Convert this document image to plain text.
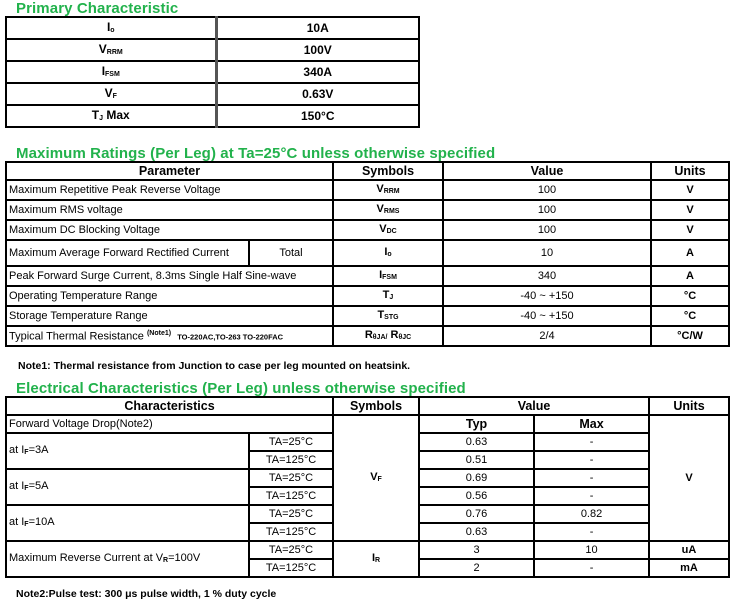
Primary Characteristic
$I_o$	10A
$V_{RRM}$	100V
$I_{FSM}$	340A
$V_F$	0.63V
$T_J$ Max	150°C
Maximum Ratings (Per Leg) at Ta=25°C unless otherwise specified
Parameter		Symbols	Value	Units
Maximum Repetitive Peak Reverse Voltage		$V_{RRM}$	100	V
Maximum RMS voltage		$V_{RMS}$	100	V
Maximum DC Blocking Voltage		$V_{DC}$	100	V
Maximum Average Forward Rectified Current	Total	$I_o$	10	A
Peak Forward Surge Current, 8.3ms Single Half Sine-wave		$I_{FSM}$	340	A
Operating Temperature Range		$T_J$	-40 ~ +150	°C
Storage Temperature Range		$T_{STG}$	-40 ~ +150	°C
Typical Thermal Resistance $^{(Note1)}$ TO-220AC,TO-263 TO-220FAC		$R_{\theta JA/}$ $R_{\theta JC}$	2/4	°C/W
Note1: Thermal resistance from Junction to case per leg mounted on heatsink.
Electrical Characteristics (Per Leg) unless otherwise specified
Characteristics		Symbols	Value		Units
Forward Voltage Drop(Note2)		$V_F$	Typ	Max	V
at $I_F=3A$	TA=25°C		0.63	-	
	TA=125°C		0.51	-	
at $I_F=5A$	TA=25°C		0.69	-	
	TA=125°C		0.56	-	
at $I_F=10A$	TA=25°C		0.76	0.82	
	TA=125°C		0.63	-	
Maximum Reverse Current at $V_R=100V$	TA=25°C	$I_R$	3	10	uA
	TA=125°C		2	-	mA
Note2:Pulse test: 300 μs pulse width, 1 % duty cycle
